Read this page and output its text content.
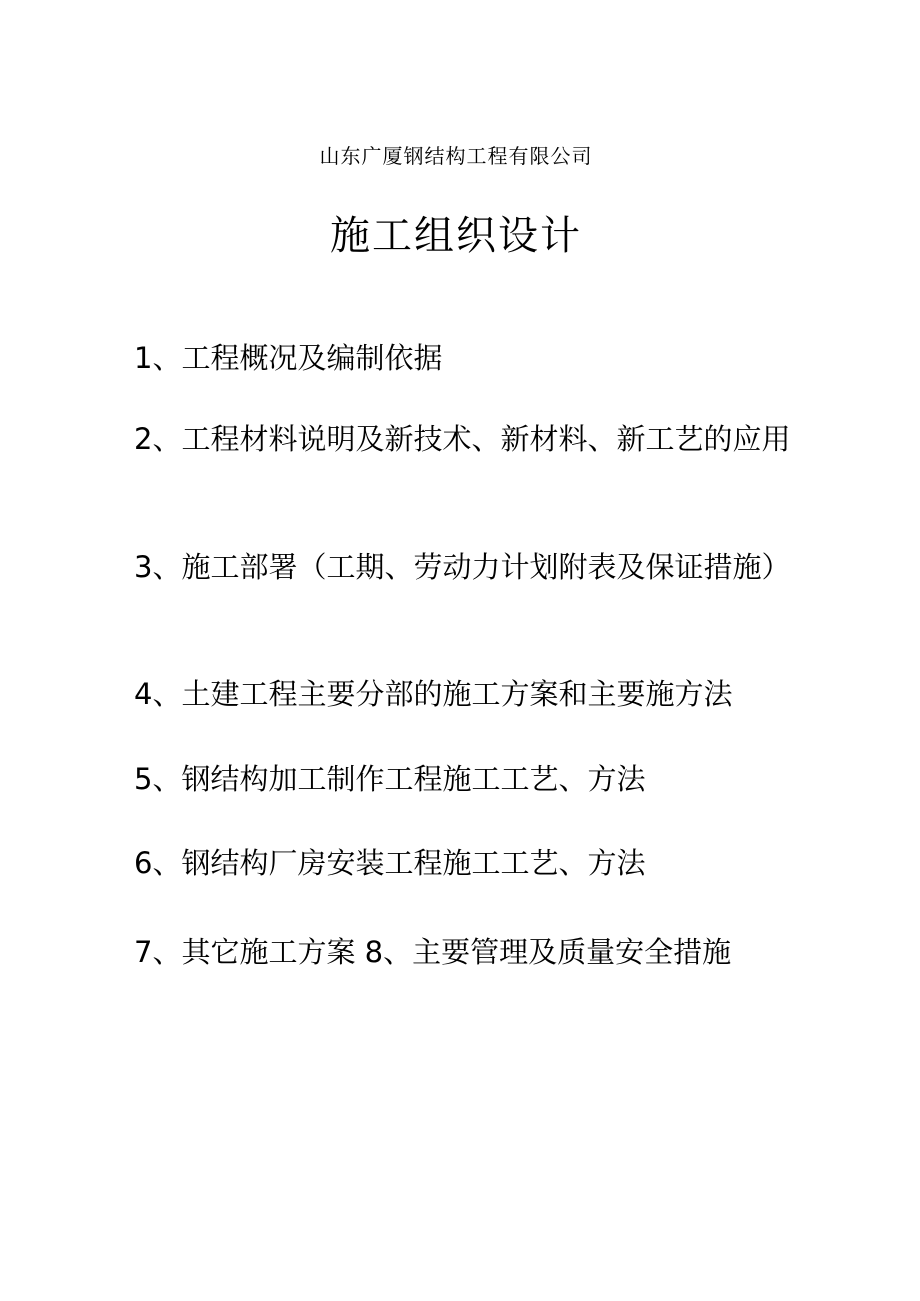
山东广厦钢结构工程有限公司
施工组织设计
1、 工程概况及编制依据
2、 工程材料说明及新技术、新材料、新工艺的应用
3、 施工部署（工期、劳动力计划附表及保证措施）
4、 土建工程主要分部的施工方案和主要施方法
5、 钢结构加工制作工程施工工艺、方法
6、 钢结构厂房安装工程施工工艺、方法
7、 其它施工方案 8、主要管理及质量安全措施
